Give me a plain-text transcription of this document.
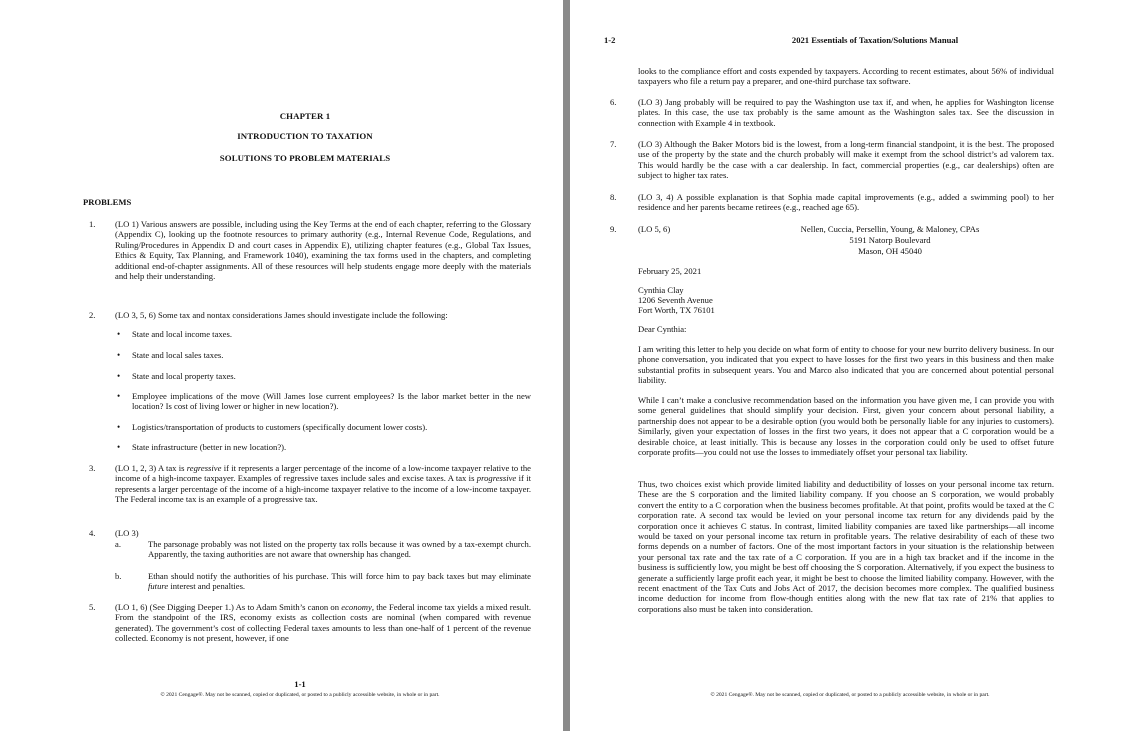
CHAPTER 1
INTRODUCTION TO TAXATION
SOLUTIONS TO PROBLEM MATERIALS
PROBLEMS
1. (LO 1) Various answers are possible, including using the Key Terms at the end of each chapter, referring to the Glossary (Appendix C), looking up the footnote resources to primary authority (e.g., Internal Revenue Code, Regulations, and Ruling/Procedures in Appendix D and court cases in Appendix E), utilizing chapter features (e.g., Global Tax Issues, Ethics & Equity, Tax Planning, and Framework 1040), examining the tax forms used in the chapters, and completing additional end-of-chapter assignments. All of these resources will help students engage more deeply with the materials and help their understanding.
2. (LO 3, 5, 6) Some tax and nontax considerations James should investigate include the following:
• State and local income taxes.
• State and local sales taxes.
• State and local property taxes.
• Employee implications of the move (Will James lose current employees? Is the labor market better in the new location? Is cost of living lower or higher in new location?).
• Logistics/transportation of products to customers (specifically document lower costs).
• State infrastructure (better in new location?).
3. (LO 1, 2, 3) A tax is regressive if it represents a larger percentage of the income of a low-income taxpayer relative to the income of a high-income taxpayer. Examples of regressive taxes include sales and excise taxes. A tax is progressive if it represents a larger percentage of the income of a high-income taxpayer relative to the income of a low-income taxpayer. The Federal income tax is an example of a progressive tax.
4. (LO 3)
a.	The parsonage probably was not listed on the property tax rolls because it was owned by a tax-exempt church. Apparently, the taxing authorities are not aware that ownership has changed.
b.	Ethan should notify the authorities of his purchase. This will force him to pay back taxes but may eliminate future interest and penalties.
5. (LO 1, 6) (See Digging Deeper 1.) As to Adam Smith’s canon on economy, the Federal income tax yields a mixed result. From the standpoint of the IRS, economy exists as collection costs are nominal (when compared with revenue generated). The government’s cost of collecting Federal taxes amounts to less than one-half of 1 percent of the revenue collected. Economy is not present, however, if one
1-1
© 2021 Cengage®. May not be scanned, copied or duplicated, or posted to a publicly accessible website, in whole or in part.
1-2	2021 Essentials of Taxation/Solutions Manual
looks to the compliance effort and costs expended by taxpayers. According to recent estimates, about 56% of individual taxpayers who file a return pay a preparer, and one-third purchase tax software.
6.	(LO 3) Jang probably will be required to pay the Washington use tax if, and when, he applies for Washington license plates. In this case, the use tax probably is the same amount as the Washington sales tax. See the discussion in connection with Example 4 in textbook.
7.	(LO 3) Although the Baker Motors bid is the lowest, from a long-term financial standpoint, it is the best. The proposed use of the property by the state and the church probably will make it exempt from the school district’s ad valorem tax. This would hardly be the case with a car dealership. In fact, commercial properties (e.g., car dealerships) often are subject to higher tax rates.
8.	(LO 3, 4) A possible explanation is that Sophia made capital improvements (e.g., added a swimming pool) to her residence and her parents became retirees (e.g., reached age 65).
9.	(LO 5, 6)	Nellen, Cuccia, Persellin, Young, & Maloney, CPAs
5191 Natorp Boulevard
Mason, OH 45040
February 25, 2021
Cynthia Clay
1206 Seventh Avenue
Fort Worth, TX 76101
Dear Cynthia:
I am writing this letter to help you decide on what form of entity to choose for your new burrito delivery business. In our phone conversation, you indicated that you expect to have losses for the first two years in this business and then make substantial profits in subsequent years. You and Marco also indicated that you are concerned about potential personal liability.
While I can’t make a conclusive recommendation based on the information you have given me, I can provide you with some general guidelines that should simplify your decision. First, given your concern about personal liability, a partnership does not appear to be a desirable option (you would both be personally liable for any injuries to customers). Similarly, given your expectation of losses in the first two years, it does not appear that a C corporation would be a desirable choice, at least initially. This is because any losses in the corporation could only be used to offset future corporate profits—you could not use the losses to immediately offset your personal tax liability.
Thus, two choices exist which provide limited liability and deductibility of losses on your personal income tax return. These are the S corporation and the limited liability company. If you choose an S corporation, we would probably convert the entity to a C corporation when the business becomes profitable. At that point, profits would be taxed at the C corporation rate. A second tax would be levied on your personal income tax return for any dividends paid by the corporation once it achieves C status. In contrast, limited liability companies are taxed like partnerships—all income would be taxed on your personal income tax return in profitable years. The relative desirability of each of these two forms depends on a number of factors. One of the most important factors in your situation is the relationship between your personal tax rate and the tax rate of a C corporation. If you are in a high tax bracket and if the income in the business is sufficiently low, you might be best off choosing the S corporation. Alternatively, if you expect the business to generate a sufficiently large profit each year, it might be best to choose the limited liability company. However, with the recent enactment of the Tax Cuts and Jobs Act of 2017, the decision becomes more complex. The qualified business income deduction for income from flow-though entities along with the new flat tax rate of 21% that applies to corporations also must be taken into consideration.
© 2021 Cengage®. May not be scanned, copied or duplicated, or posted to a publicly accessible website, in whole or in part.
